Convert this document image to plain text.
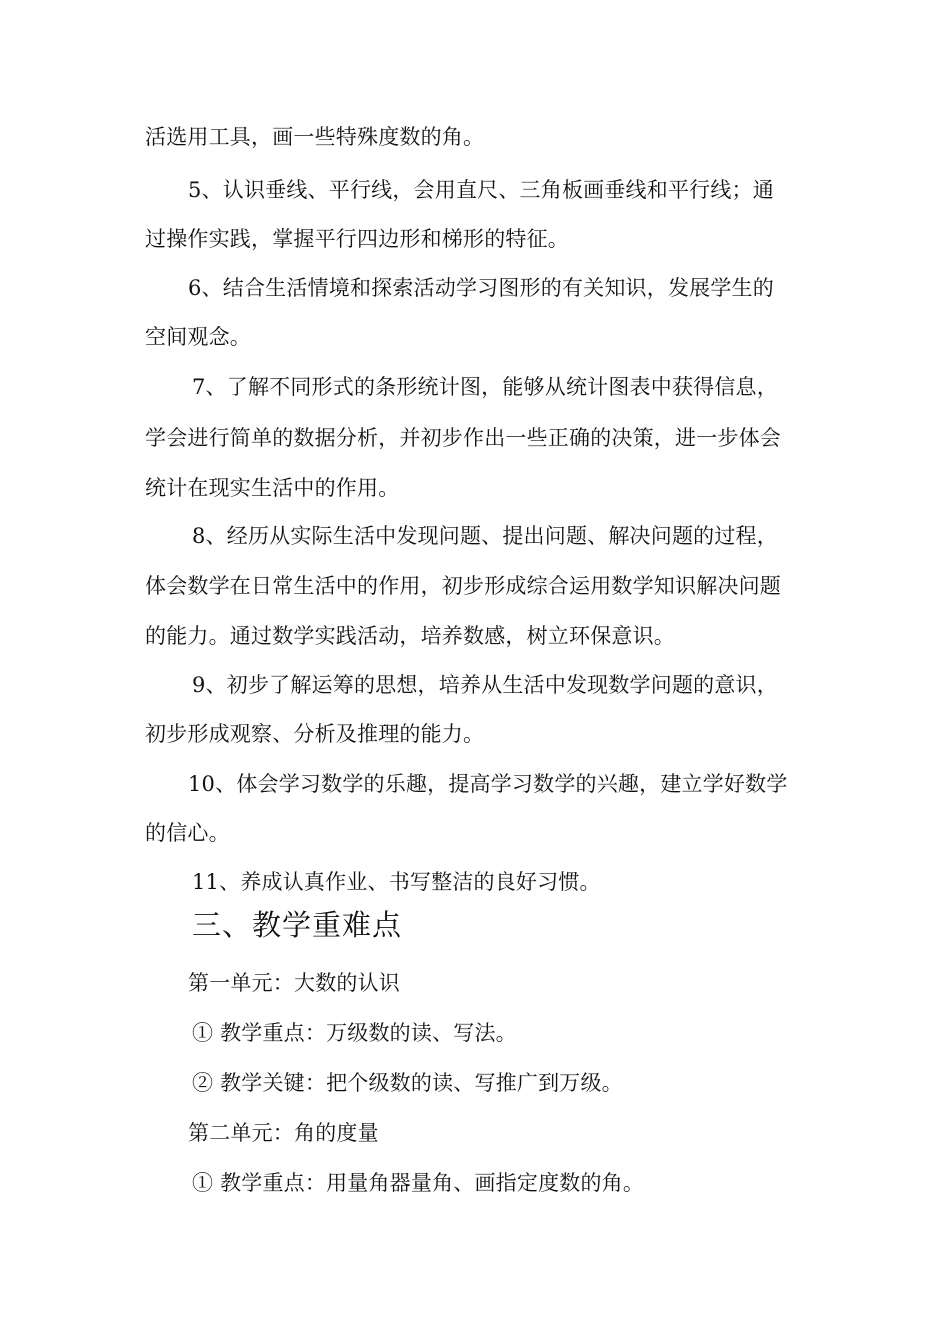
活选用工具，画一些特殊度数的角。
5、认识垂线、平行线，会用直尺、三角板画垂线和平行线；通
过操作实践，掌握平行四边形和梯形的特征。
6、结合生活情境和探索活动学习图形的有关知识，发展学生的
空间观念。
7、了解不同形式的条形统计图，能够从统计图表中获得信息，
学会进行简单的数据分析，并初步作出一些正确的决策，进一步体会
统计在现实生活中的作用。
8、经历从实际生活中发现问题、提出问题、解决问题的过程，
体会数学在日常生活中的作用，初步形成综合运用数学知识解决问题
的能力。通过数学实践活动，培养数感，树立环保意识。
9、初步了解运筹的思想，培养从生活中发现数学问题的意识，
初步形成观察、分析及推理的能力。
10、体会学习数学的乐趣，提高学习数学的兴趣，建立学好数学
的信心。
11、养成认真作业、书写整洁的良好习惯。
三、教学重难点
第一单元：大数的认识
① 教学重点：万级数的读、写法。
② 教学关键：把个级数的读、写推广到万级。
第二单元：角的度量
① 教学重点：用量角器量角、画指定度数的角。
